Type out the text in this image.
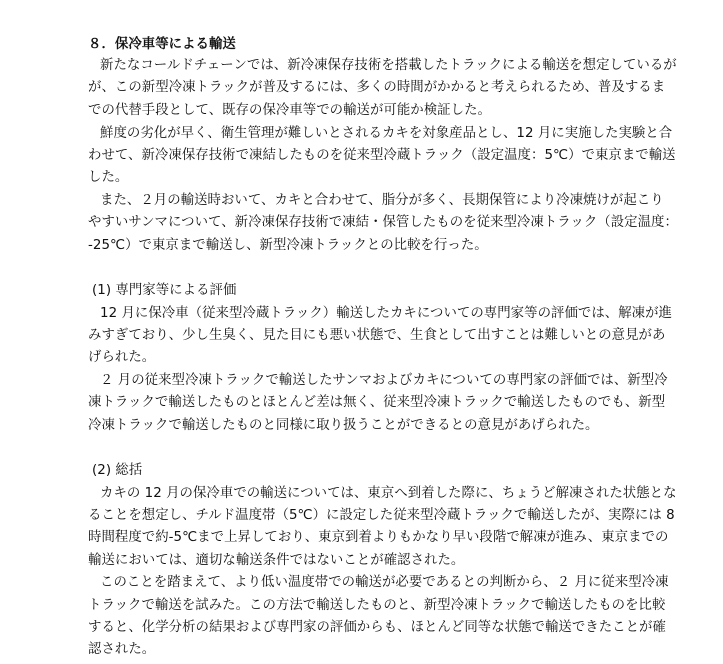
８．保冷車等による輸送
新たなコールドチェーンでは、新冷凍保存技術を搭載したトラックによる輸送を想定しているが
が、この新型冷凍トラックが普及するには、多くの時間がかかると考えられるため、普及するま
での代替手段として、既存の保冷車等での輸送が可能か検証した。
鮮度の劣化が早く、衛生管理が難しいとされるカキを対象産品とし、12 月に実施した実験と合
わせて、新冷凍保存技術で凍結したものを従来型冷蔵トラック（設定温度：5℃）で東京まで輸送
した。
また、２月の輸送時おいて、カキと合わせて、脂分が多く、長期保管により冷凍焼けが起こり
やすいサンマについて、新冷凍保存技術で凍結・保管したものを従来型冷凍トラック（設定温度：
-25℃）で東京まで輸送し、新型冷凍トラックとの比較を行った。
(1) 専門家等による評価
12 月に保冷車（従来型冷蔵トラック）輸送したカキについての専門家等の評価では、解凍が進
みすぎており、少し生臭く、見た目にも悪い状態で、生食として出すことは難しいとの意見があ
げられた。
２ 月の従来型冷凍トラックで輸送したサンマおよびカキについての専門家の評価では、新型冷
凍トラックで輸送したものとほとんど差は無く、従来型冷凍トラックで輸送したものでも、新型
冷凍トラックで輸送したものと同様に取り扱うことができるとの意見があげられた。
(2) 総括
カキの 12 月の保冷車での輸送については、東京へ到着した際に、ちょうど解凍された状態とな
ることを想定し、チルド温度帯（5℃）に設定した従来型冷蔵トラックで輸送したが、実際には 8
時間程度で約-5℃まで上昇しており、東京到着よりもかなり早い段階で解凍が進み、東京までの
輸送においては、適切な輸送条件ではないことが確認された。
このことを踏まえて、より低い温度帯での輸送が必要であるとの判断から、２ 月に従来型冷凍
トラックで輸送を試みた。この方法で輸送したものと、新型冷凍トラックで輸送したものを比較
すると、化学分析の結果および専門家の評価からも、ほとんど同等な状態で輸送できたことが確
認された。
